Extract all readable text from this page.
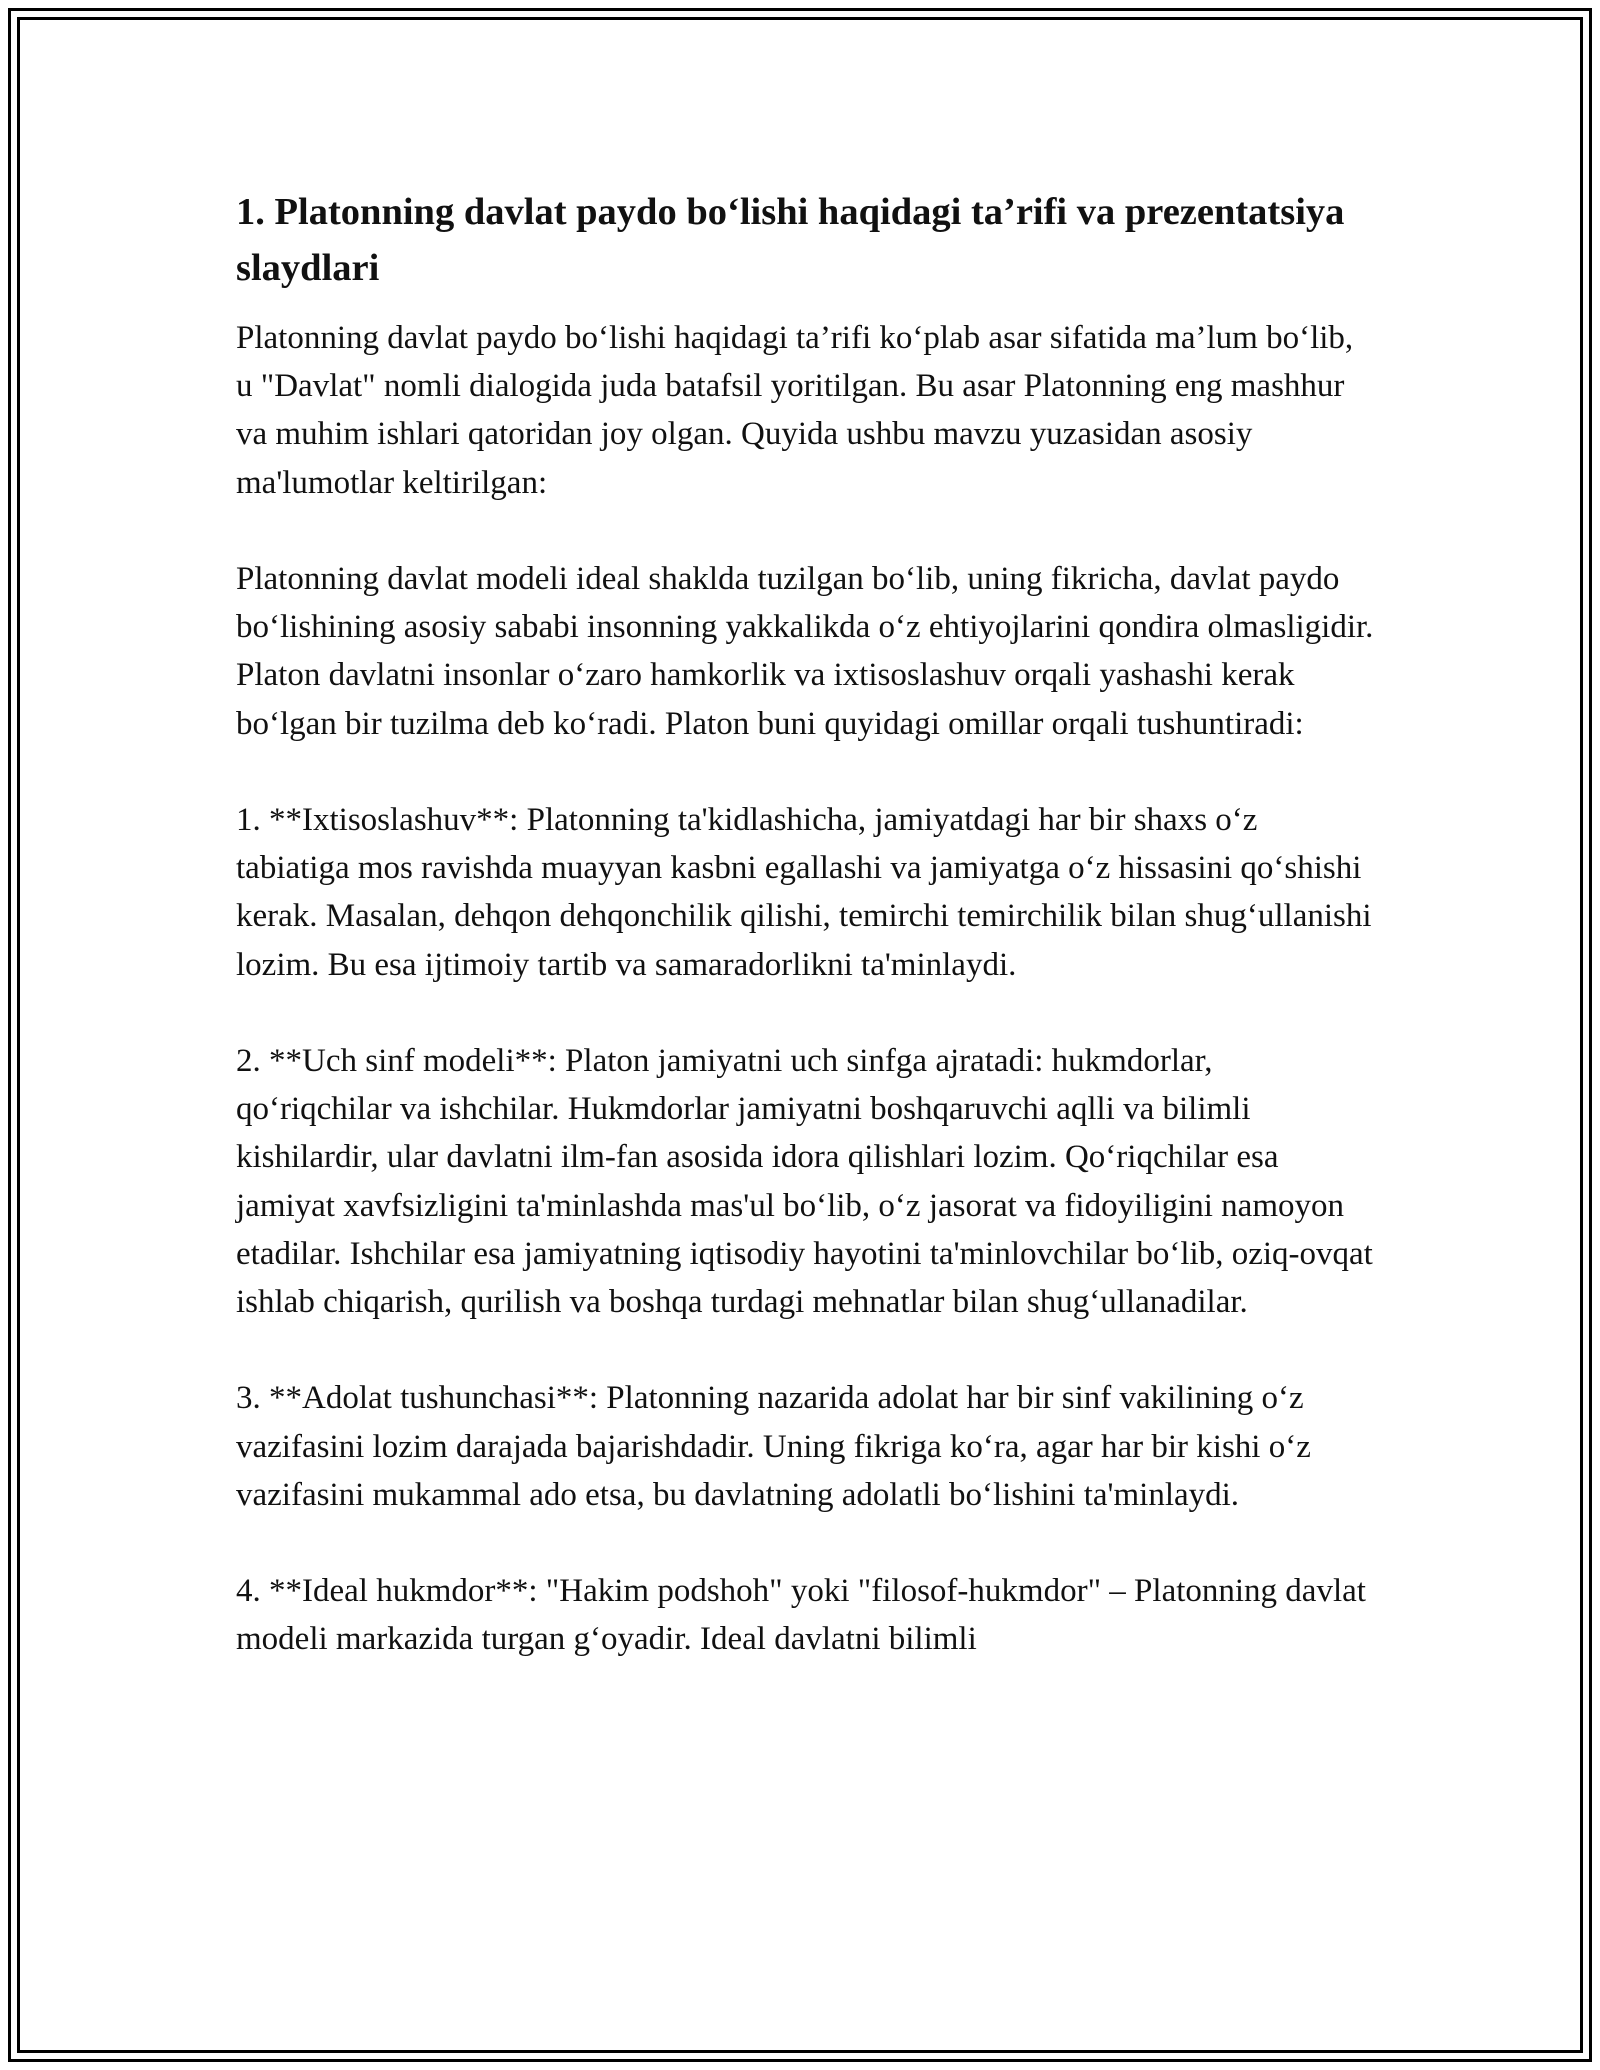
1. Platonning davlat paydo bo‘lishi haqidagi ta’rifi va prezentatsiya slaydlari

Platonning davlat paydo bo‘lishi haqidagi ta’rifi ko‘plab asar sifatida ma’lum bo‘lib, u "Davlat" nomli dialogida juda batafsil yoritilgan. Bu asar Platonning eng mashhur va muhim ishlari qatoridan joy olgan. Quyida ushbu mavzu yuzasidan asosiy ma'lumotlar keltirilgan:

Platonning davlat modeli ideal shaklda tuzilgan bo‘lib, uning fikricha, davlat paydo bo‘lishining asosiy sababi insonning yakkalikda o‘z ehtiyojlarini qondira olmasligidir. Platon davlatni insonlar o‘zaro hamkorlik va ixtisoslashuv orqali yashashi kerak bo‘lgan bir tuzilma deb ko‘radi. Platon buni quyidagi omillar orqali tushuntiradi:

1. **Ixtisoslashuv**: Platonning ta'kidlashicha, jamiyatdagi har bir shaxs o‘z tabiatiga mos ravishda muayyan kasbni egallashi va jamiyatga o‘z hissasini qo‘shishi kerak. Masalan, dehqon dehqonchilik qilishi, temirchi temirchilik bilan shug‘ullanishi lozim. Bu esa ijtimoiy tartib va samaradorlikni ta'minlaydi.

2. **Uch sinf modeli**: Platon jamiyatni uch sinfga ajratadi: hukmdorlar, qo‘riqchilar va ishchilar. Hukmdorlar jamiyatni boshqaruvchi aqlli va bilimli kishilardir, ular davlatni ilm-fan asosida idora qilishlari lozim. Qo‘riqchilar esa jamiyat xavfsizligini ta'minlashda mas'ul bo‘lib, o‘z jasorat va fidoyiligini namoyon etadilar. Ishchilar esa jamiyatning iqtisodiy hayotini ta'minlovchilar bo‘lib, oziq-ovqat ishlab chiqarish, qurilish va boshqa turdagi mehnatlar bilan shug‘ullanadilar.

3. **Adolat tushunchasi**: Platonning nazarida adolat har bir sinf vakilining o‘z vazifasini lozim darajada bajarishdadir. Uning fikriga ko‘ra, agar har bir kishi o‘z vazifasini mukammal ado etsa, bu davlatning adolatli bo‘lishini ta'minlaydi.

4. **Ideal hukmdor**: "Hakim podshoh" yoki "filosof-hukmdor" – Platonning davlat modeli markazida turgan g‘oyadir. Ideal davlatni bilimli
